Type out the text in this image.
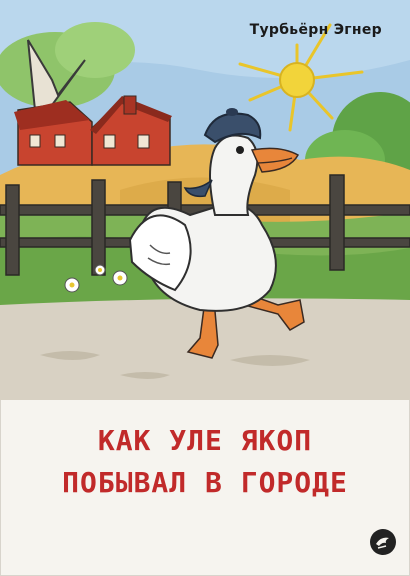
Турбьёрн Эгнер
КАК УЛЕ ЯКОП
ПОБЫВАЛ В ГОРОДЕ
